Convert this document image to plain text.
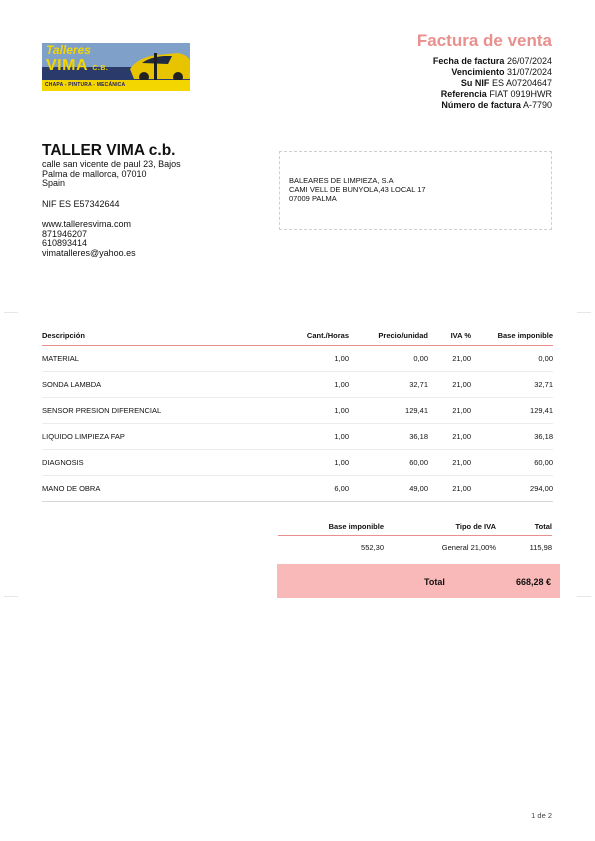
Talleres
VIMA C.B.
CHAPA - PINTURA - MECÁNICA
Factura de venta
Fecha de factura 26/07/2024
Vencimiento 31/07/2024
Su NIF ES A07204647
Referencia FIAT 0919HWR
Número de factura A-7790
TALLER VIMA c.b.
calle san vicente de paul 23, Bajos
Palma de mallorca, 07010
Spain
NIF ES E57342644
www.talleresvima.com
871946207
610893414
vimatalleres@yahoo.es
BALEARES DE LIMPIEZA, S.A
CAMI VELL DE BUNYOLA,43 LOCAL 17
07009 PALMA
Descripción	Cant./Horas	Precio/unidad	IVA %	Base imponible
MATERIAL	1,00	0,00	21,00	0,00
SONDA LAMBDA	1,00	32,71	21,00	32,71
SENSOR PRESION DIFERENCIAL	1,00	129,41	21,00	129,41
LIQUIDO LIMPIEZA FAP	1,00	36,18	21,00	36,18
DIAGNOSIS	1,00	60,00	21,00	60,00
MANO DE OBRA	6,00	49,00	21,00	294,00
Base imponible	Tipo de IVA	Total
552,30	General 21,00%	115,98
Total	668,28 €
1 de 2
